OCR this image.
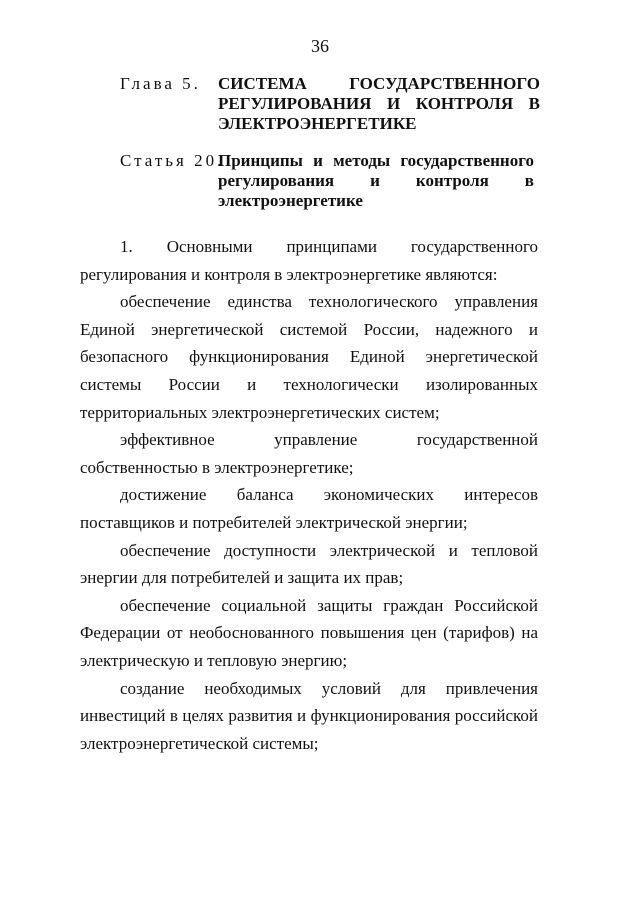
36
Глава 5. СИСТЕМА ГОСУДАРСТВЕННОГО РЕГУЛИРОВАНИЯ И КОНТРОЛЯ В ЭЛЕКТРОЭНЕРГЕТИКЕ
Статья 20.
Принципы и методы государственного регулирования и контроля в электроэнергетике

1. Основными принципами государственного регулирования и контроля в электроэнергетике являются:

обеспечение единства технологического управления Единой энергетической системой России, надежного и безопасного функционирования Единой энергетической системы России и технологически изолированных территориальных электроэнергетических систем;

эффективное управление государственной собственностью в электроэнергетике;

достижение баланса экономических интересов поставщиков и потребителей электрической энергии;

обеспечение доступности электрической и тепловой энергии для потребителей и защита их прав;

обеспечение социальной защиты граждан Российской Федерации от необоснованного повышения цен (тарифов) на электрическую и тепловую энергию;

создание необходимых условий для привлечения инвестиций в целях развития и функционирования российской электроэнергетической системы;
